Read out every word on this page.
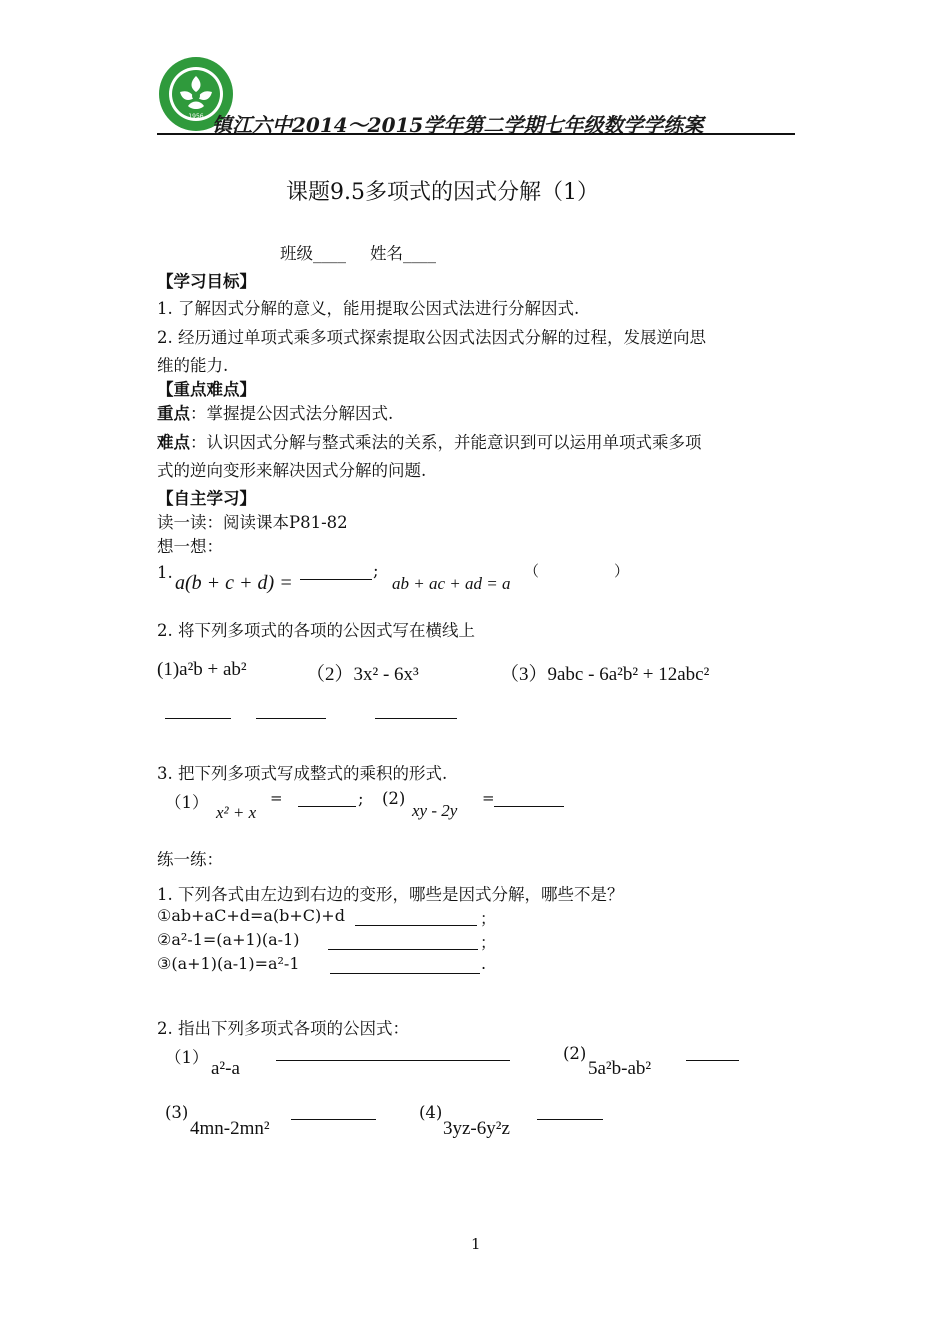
1956 镇江六中2014～2015学年第二学期七年级数学学练案
课题9.5多项式的因式分解（1）
班级____ 姓名____
【学习目标】
1. 了解因式分解的意义，能用提取公因式法进行分解因式.
2. 经历通过单项式乘多项式探索提取公因式法因式分解的过程，发展逆向思
维的能力.
【重点难点】
重点：掌握提公因式法分解因式.
难点：认识因式分解与整式乘法的关系，并能意识到可以运用单项式乘多项
式的逆向变形来解决因式分解的问题.
【自主学习】
读一读：阅读课本P81-82
想一想：
1. a(b + c + d) =
;
ab + ac + ad = a
（	）
2. 将下列多项式的各项的公因式写在横线上
(1)a²b + ab²	（2）3x² - 6x³	（3）9abc - 6a²b² + 12abc²
3. 把下列多项式写成整式的乘积的形式.
（1）
x² + x
=	; (2)
xy - 2y
=
练一练：
1. 下列各式由左边到右边的变形，哪些是因式分解，哪些不是？
①ab+aC+d=a(b+C)+d	；
②a²-1=(a+1)(a-1)	；
③(a+1)(a-1)=a²-1	.
2. 指出下列多项式各项的公因式：
（1）
a²-a
(2)
5a²b-ab²
(3)
4mn-2mn²
(4)
3yz-6y²z
1
